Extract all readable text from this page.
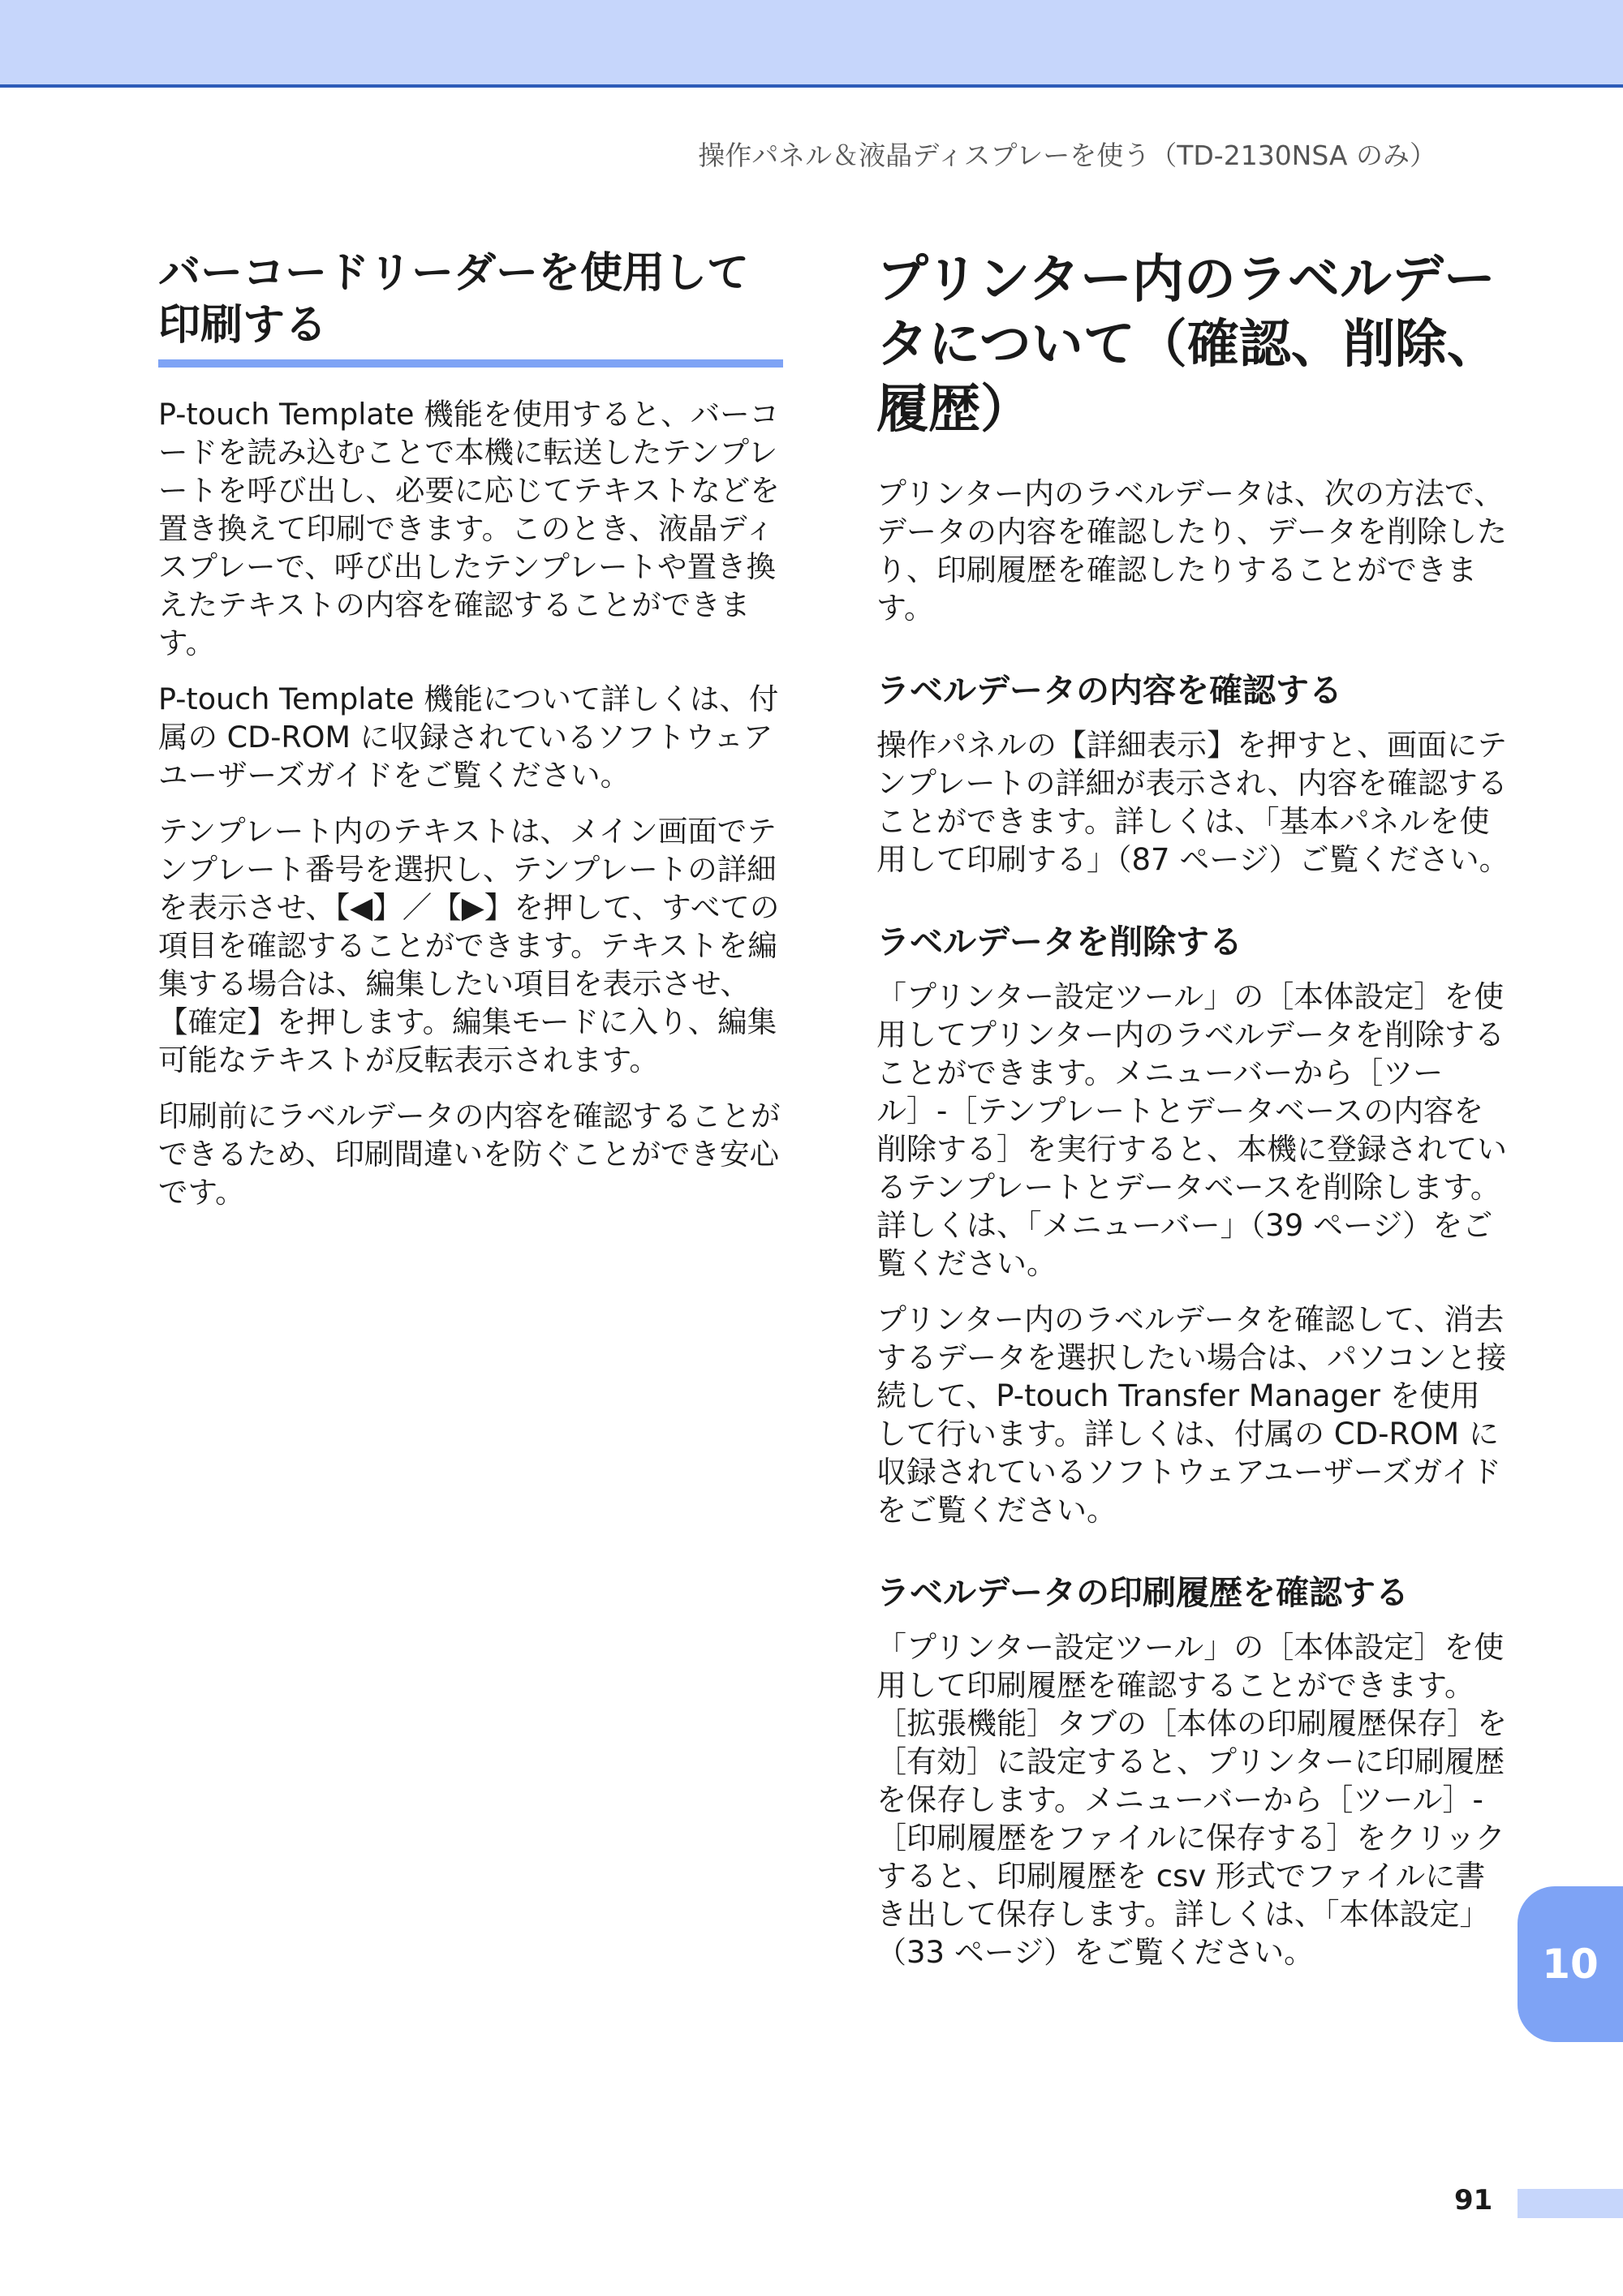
操作パネル＆液晶ディスプレーを使う（TD-2130NSA のみ）
バーコードリーダーを使用して印刷する

P-touch Template 機能を使用すると、バーコードを読み込むことで本機に転送したテンプレートを呼び出し、必要に応じてテキストなどを置き換えて印刷できます。このとき、液晶ディスプレーで、呼び出したテンプレートや置き換えたテキストの内容を確認することができます。

P-touch Template 機能について詳しくは、付属の CD-ROM に収録されているソフトウェアユーザーズガイドをご覧ください。

テンプレート内のテキストは、メイン画面でテンプレート番号を選択し、テンプレートの詳細を表示させ、【◀】／【▶】を押して、すべての項目を確認することができます。テキストを編集する場合は、編集したい項目を表示させ、【確定】を押します。編集モードに入り、編集可能なテキストが反転表示されます。

印刷前にラベルデータの内容を確認することができるため、印刷間違いを防ぐことができ安心です。

プリンター内のラベルデータについて（確認、削除、履歴）

プリンター内のラベルデータは、次の方法で、データの内容を確認したり、データを削除したり、印刷履歴を確認したりすることができます。

ラベルデータの内容を確認する

操作パネルの【詳細表示】を押すと、画面にテンプレートの詳細が表示され、内容を確認することができます。詳しくは、「基本パネルを使用して印刷する」（87 ページ）ご覧ください。

ラベルデータを削除する

「プリンター設定ツール」の［本体設定］を使用してプリンター内のラベルデータを削除することができます。メニューバーから［ツール］-［テンプレートとデータベースの内容を削除する］を実行すると、本機に登録されているテンプレートとデータベースを削除します。詳しくは、「メニューバー」（39 ページ）をご覧ください。

プリンター内のラベルデータを確認して、消去するデータを選択したい場合は、パソコンと接続して、P-touch Transfer Manager を使用して行います。詳しくは、付属の CD-ROM に収録されているソフトウェアユーザーズガイドをご覧ください。

ラベルデータの印刷履歴を確認する

「プリンター設定ツール」の［本体設定］を使用して印刷履歴を確認することができます。［拡張機能］タブの［本体の印刷履歴保存］を［有効］に設定すると、プリンターに印刷履歴を保存します。メニューバーから［ツール］-［印刷履歴をファイルに保存する］をクリックすると、印刷履歴を csv 形式でファイルに書き出して保存します。詳しくは、「本体設定」（33 ページ）をご覧ください。	10
91
